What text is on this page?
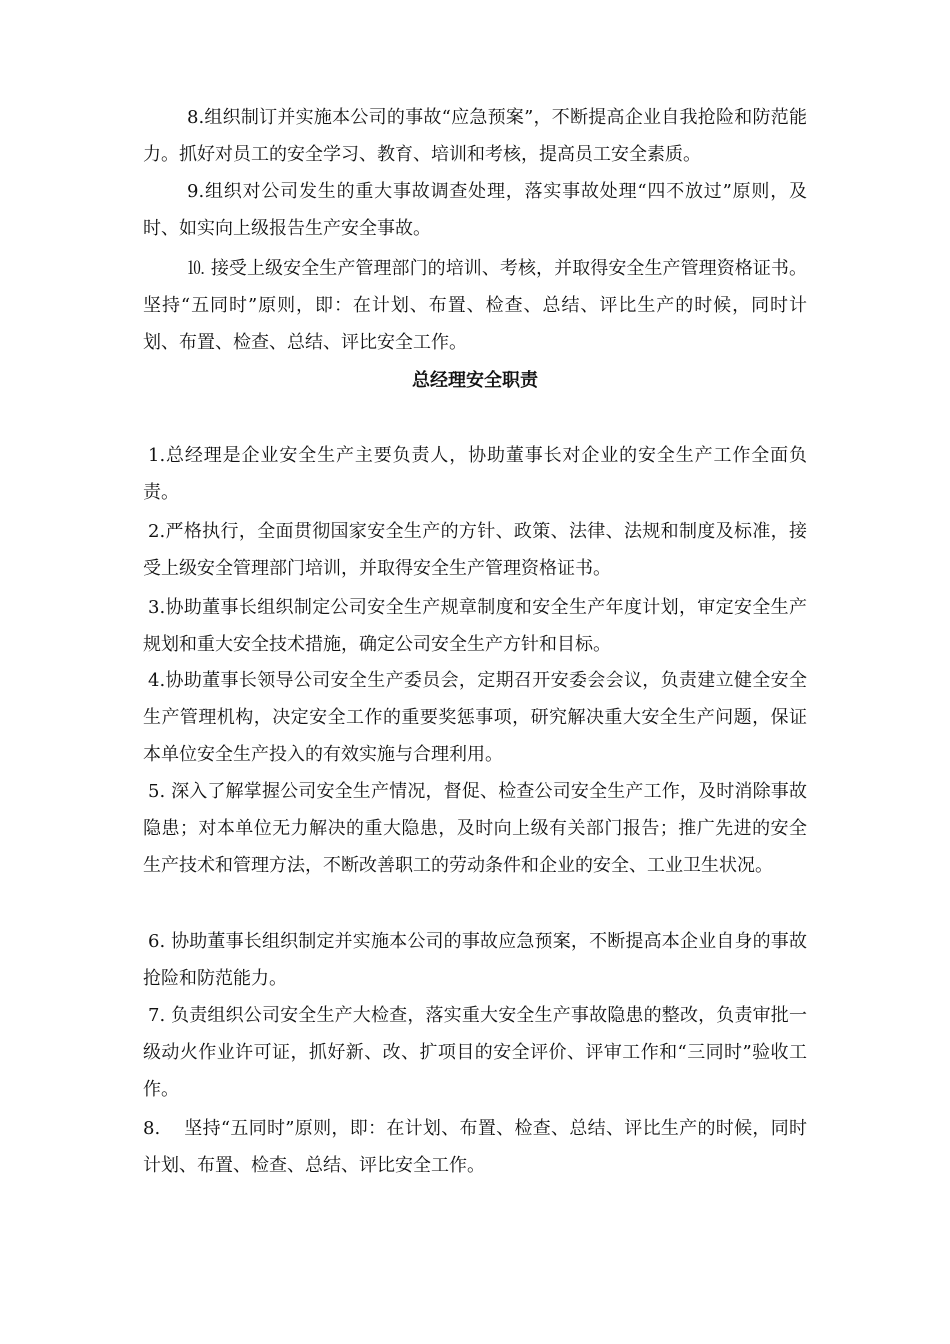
8.组织制订并实施本公司的事故“应急预案”，不断提高企业自我抢险和防范能力。抓好对员工的安全学习、教育、培训和考核，提高员工安全素质。

9.组织对公司发生的重大事故调查处理，落实事故处理“四不放过”原则，及时、如实向上级报告生产安全事故。

⒑ 接受上级安全生产管理部门的培训、考核，并取得安全生产管理资格证书。坚持“五同时”原则，即：在计划、布置、检查、总结、评比生产的时候，同时计划、布置、检查、总结、评比安全工作。

总经理安全职责

1.总经理是企业安全生产主要负责人，协助董事长对企业的安全生产工作全面负责。

2.严格执行，全面贯彻国家安全生产的方针、政策、法律、法规和制度及标准，接受上级安全管理部门培训，并取得安全生产管理资格证书。

3.协助董事长组织制定公司安全生产规章制度和安全生产年度计划，审定安全生产规划和重大安全技术措施，确定公司安全生产方针和目标。

4.协助董事长领导公司安全生产委员会，定期召开安委会会议，负责建立健全安全生产管理机构，决定安全工作的重要奖惩事项，研究解决重大安全生产问题，保证本单位安全生产投入的有效实施与合理利用。

5. 深入了解掌握公司安全生产情况，督促、检查公司安全生产工作，及时消除事故隐患；对本单位无力解决的重大隐患，及时向上级有关部门报告；推广先进的安全生产技术和管理方法，不断改善职工的劳动条件和企业的安全、工业卫生状况。

6. 协助董事长组织制定并实施本公司的事故应急预案，不断提高本企业自身的事故抢险和防范能力。

7. 负责组织公司安全生产大检查，落实重大安全生产事故隐患的整改，负责审批一级动火作业许可证，抓好新、改、扩项目的安全评价、评审工作和“三同时”验收工作。

8.    坚持“五同时”原则，即：在计划、布置、检查、总结、评比生产的时候，同时计划、布置、检查、总结、评比安全工作。
